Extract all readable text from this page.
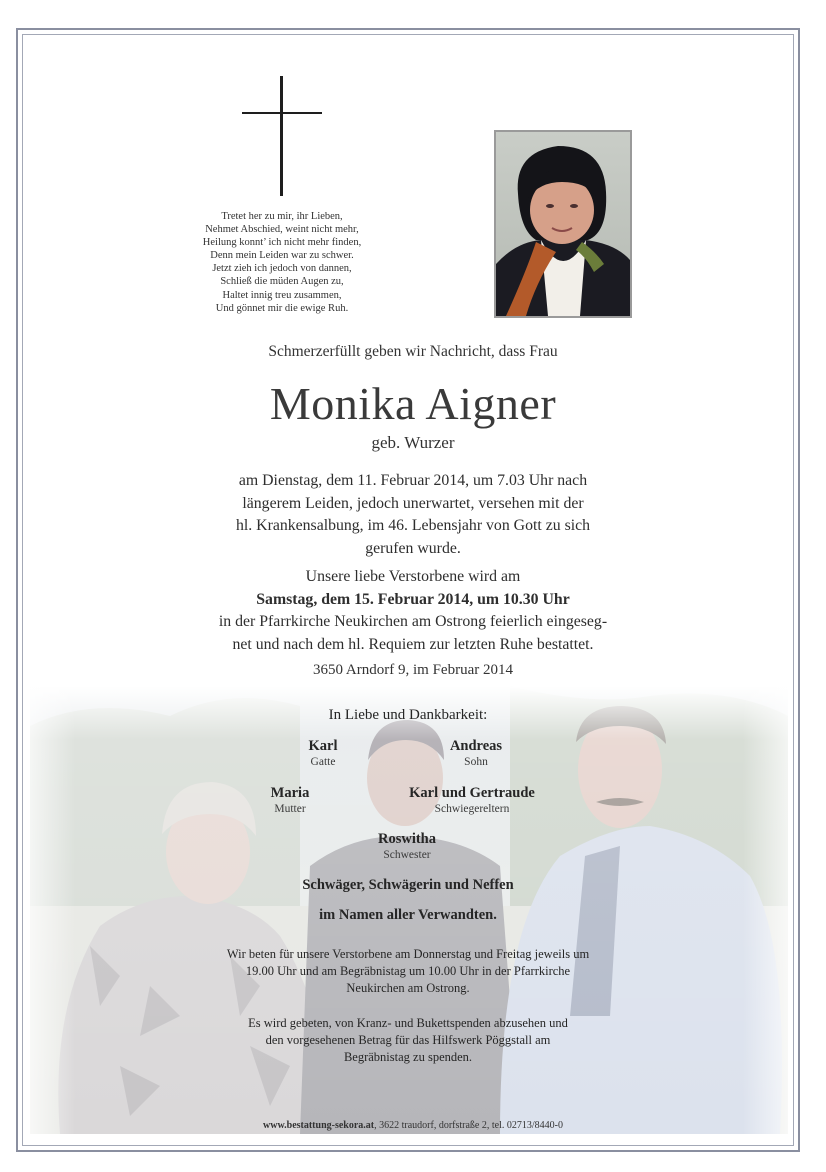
Tretet her zu mir, ihr Lieben,
Nehmet Abschied, weint nicht mehr,
Heilung konnt’ ich nicht mehr finden,
Denn mein Leiden war zu schwer.
Jetzt zieh ich jedoch von dannen,
Schließ die müden Augen zu,
Haltet innig treu zusammen,
Und gönnet mir die ewige Ruh.
Schmerzerfüllt geben wir Nachricht, dass Frau
Monika Aigner
geb. Wurzer
am Dienstag, dem 11. Februar 2014, um 7.03 Uhr nach
längerem Leiden, jedoch unerwartet, versehen mit der
hl. Krankensalbung, im 46. Lebensjahr von Gott zu sich
gerufen wurde.
Unsere liebe Verstorbene wird am
Samstag, dem 15. Februar 2014, um 10.30 Uhr
in der Pfarrkirche Neukirchen am Ostrong feierlich eingeseg-
net und nach dem hl. Requiem zur letzten Ruhe bestattet.
3650 Arndorf 9, im Februar 2014
In Liebe und Dankbarkeit:
Karl
Gatte
Andreas
Sohn
Maria
Mutter
Karl und Gertraude
Schwiegereltern
Roswitha
Schwester
Schwäger, Schwägerin und Neffen
im Namen aller Verwandten.
Wir beten für unsere Verstorbene am Donnerstag und Freitag jeweils um
19.00 Uhr und am Begräbnistag um 10.00 Uhr in der Pfarrkirche
Neukirchen am Ostrong.
Es wird gebeten, von Kranz- und Bukettspenden abzusehen und
den vorgesehenen Betrag für das Hilfswerk Pöggstall am
Begräbnistag zu spenden.
www.bestattung-sekora.at, 3622 traudorf, dorfstraße 2, tel. 02713/8440-0
